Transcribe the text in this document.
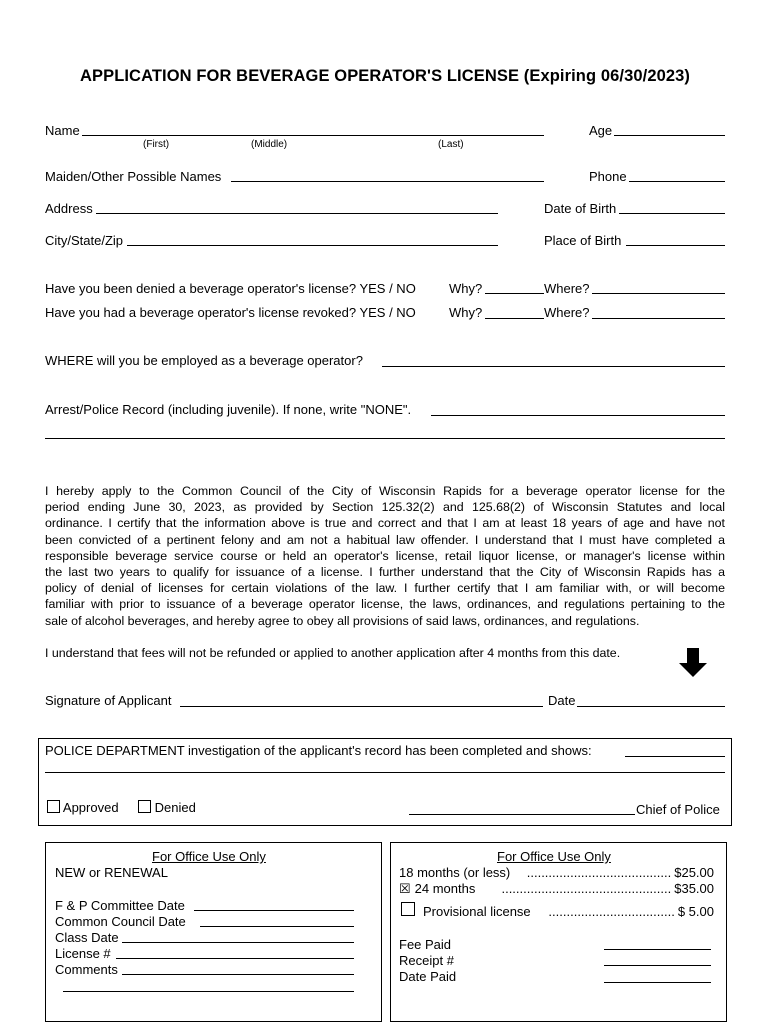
APPLICATION FOR BEVERAGE OPERATOR'S LICENSE (Expiring 06/30/2023)
Name
(First)	(Middle)	(Last)
Age
Maiden/Other Possible Names	Phone
Address	Date of Birth
City/State/Zip	Place of Birth
Have you been denied a beverage operator's license? YES / NO	Why?	Where?
Have you had a beverage operator's license revoked? YES / NO	Why?	Where?
WHERE will you be employed as a beverage operator?
Arrest/Police Record (including juvenile). If none, write "NONE".
I hereby apply to the Common Council of the City of Wisconsin Rapids for a beverage operator license for the
period ending June 30, 2023, as provided by Section 125.32(2) and 125.68(2) of Wisconsin Statutes and local
ordinance. I certify that the information above is true and correct and that I am at least 18 years of age and have not
been convicted of a pertinent felony and am not a habitual law offender. I understand that I must have completed a
responsible beverage service course or held an operator's license, retail liquor license, or manager's license within
the last two years to qualify for issuance of a license. I further understand that the City of Wisconsin Rapids has a
policy of denial of licenses for certain violations of the law. I further certify that I am familiar with, or will become
familiar with prior to issuance of a beverage operator license, the laws, ordinances, and regulations pertaining to the
sale of alcohol beverages, and hereby agree to obey all provisions of said laws, ordinances, and regulations.
I understand that fees will not be refunded or applied to another application after 4 months from this date.
Signature of Applicant	Date
POLICE DEPARTMENT investigation of the applicant's record has been completed and shows:
Approved	Denied	Chief of Police
For Office Use Only
NEW or RENEWAL
F & P Committee Date
Common Council Date
Class Date
License #
Comments
For Office Use Only
18 months (or less)	........................................ $25.00
☒ 24 months	............................................... $35.00
Provisional license	................................... $ 5.00
Fee Paid
Receipt #
Date Paid
